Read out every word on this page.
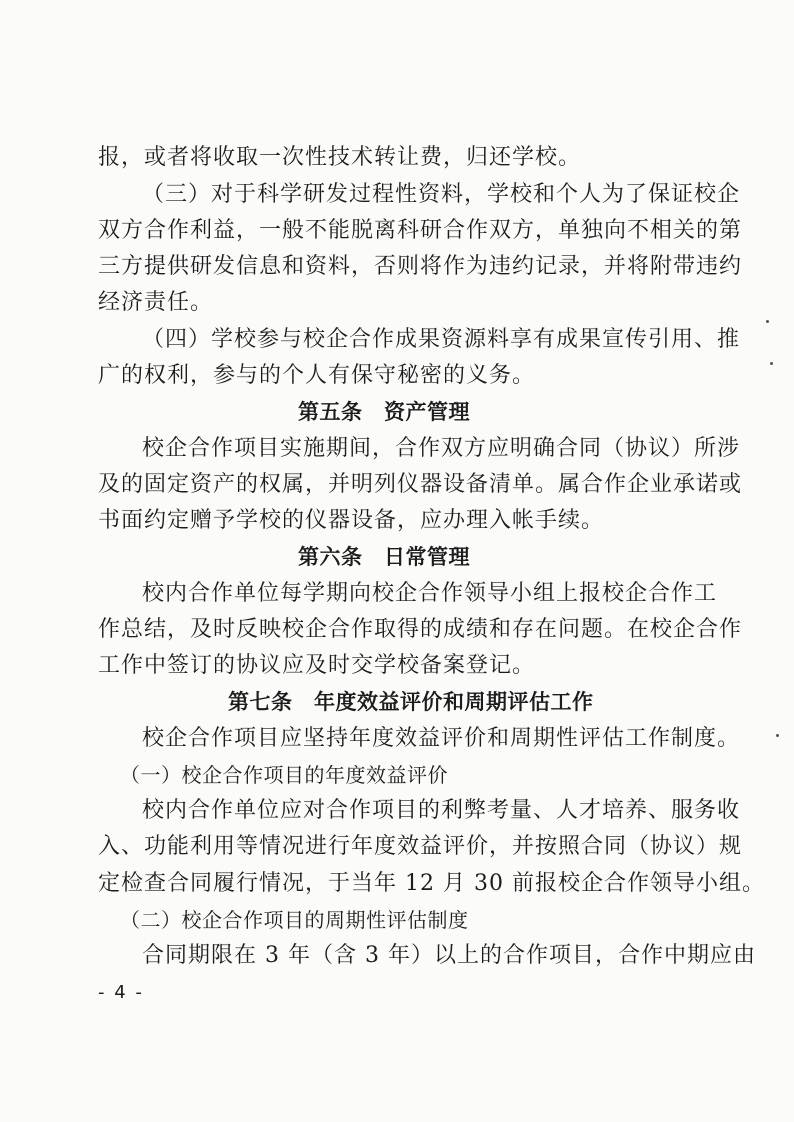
报，或者将收取一次性技术转让费，归还学校。
（三）对于科学研发过程性资料，学校和个人为了保证校企
双方合作利益，一般不能脱离科研合作双方，单独向不相关的第
三方提供研发信息和资料，否则将作为违约记录，并将附带违约
经济责任。
（四）学校参与校企合作成果资源料享有成果宣传引用、推
广的权利，参与的个人有保守秘密的义务。
第五条　资产管理
校企合作项目实施期间，合作双方应明确合同（协议）所涉
及的固定资产的权属，并明列仪器设备清单。属合作企业承诺或
书面约定赠予学校的仪器设备，应办理入帐手续。
第六条　日常管理
校内合作单位每学期向校企合作领导小组上报校企合作工
作总结，及时反映校企合作取得的成绩和存在问题。在校企合作
工作中签订的协议应及时交学校备案登记。
第七条　年度效益评价和周期评估工作
校企合作项目应坚持年度效益评价和周期性评估工作制度。
（一）校企合作项目的年度效益评价
校内合作单位应对合作项目的利弊考量、人才培养、服务收
入、功能利用等情况进行年度效益评价，并按照合同（协议）规
定检查合同履行情况，于当年 12 月 30 前报校企合作领导小组。
（二）校企合作项目的周期性评估制度
合同期限在 3 年（含 3 年）以上的合作项目，合作中期应由
- 4 -
